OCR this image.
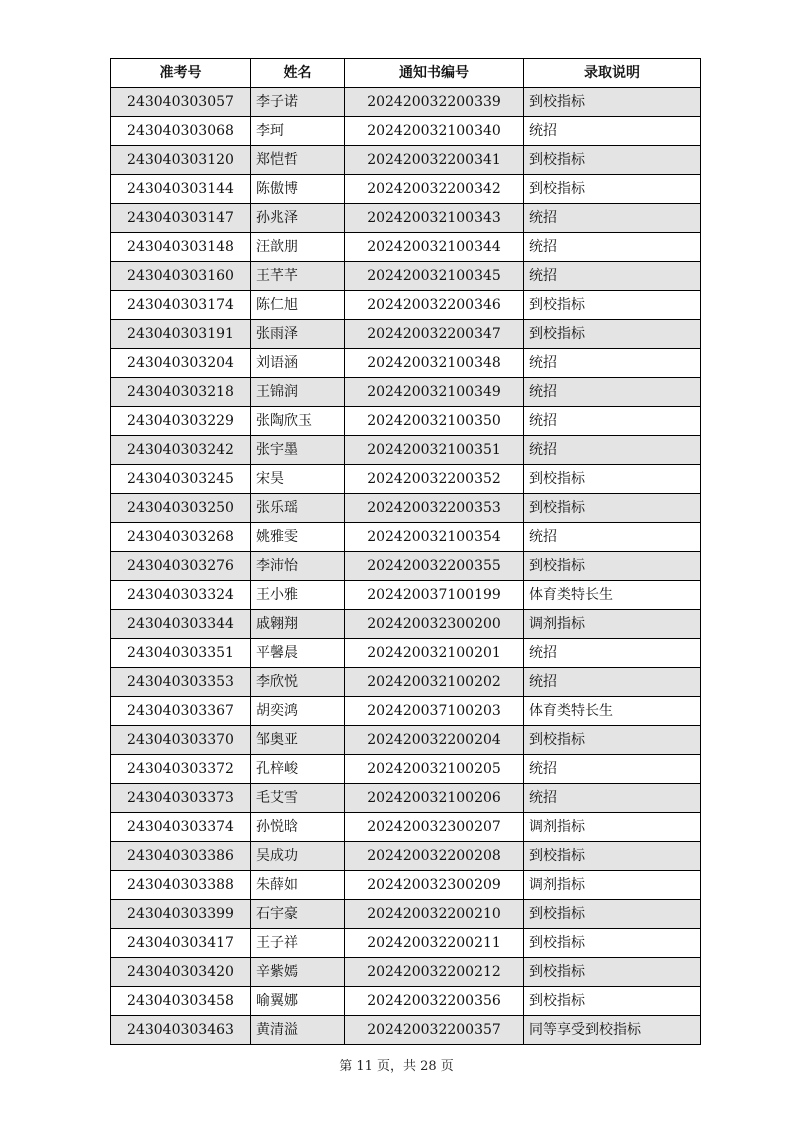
准考号	姓名	通知书编号	录取说明
243040303057	李子诺	202420032200339	到校指标
243040303068	李珂	202420032100340	统招
243040303120	郑恺哲	202420032200341	到校指标
243040303144	陈傲博	202420032200342	到校指标
243040303147	孙兆泽	202420032100343	统招
243040303148	汪歆朋	202420032100344	统招
243040303160	王芊芊	202420032100345	统招
243040303174	陈仁旭	202420032200346	到校指标
243040303191	张雨泽	202420032200347	到校指标
243040303204	刘语涵	202420032100348	统招
243040303218	王锦润	202420032100349	统招
243040303229	张陶欣玉	202420032100350	统招
243040303242	张宇墨	202420032100351	统招
243040303245	宋昊	202420032200352	到校指标
243040303250	张乐瑶	202420032200353	到校指标
243040303268	姚雅雯	202420032100354	统招
243040303276	李沛怡	202420032200355	到校指标
243040303324	王小雅	202420037100199	体育类特长生
243040303344	戚翱翔	202420032300200	调剂指标
243040303351	平馨晨	202420032100201	统招
243040303353	李欣悦	202420032100202	统招
243040303367	胡奕鸿	202420037100203	体育类特长生
243040303370	邹奥亚	202420032200204	到校指标
243040303372	孔梓峻	202420032100205	统招
243040303373	毛艾雪	202420032100206	统招
243040303374	孙悦晗	202420032300207	调剂指标
243040303386	吴成功	202420032200208	到校指标
243040303388	朱薛如	202420032300209	调剂指标
243040303399	石宇豪	202420032200210	到校指标
243040303417	王子祥	202420032200211	到校指标
243040303420	辛紫嫣	202420032200212	到校指标
243040303458	喻翼娜	202420032200356	到校指标
243040303463	黄清溢	202420032200357	同等享受到校指标
第 11 页，共 28 页
